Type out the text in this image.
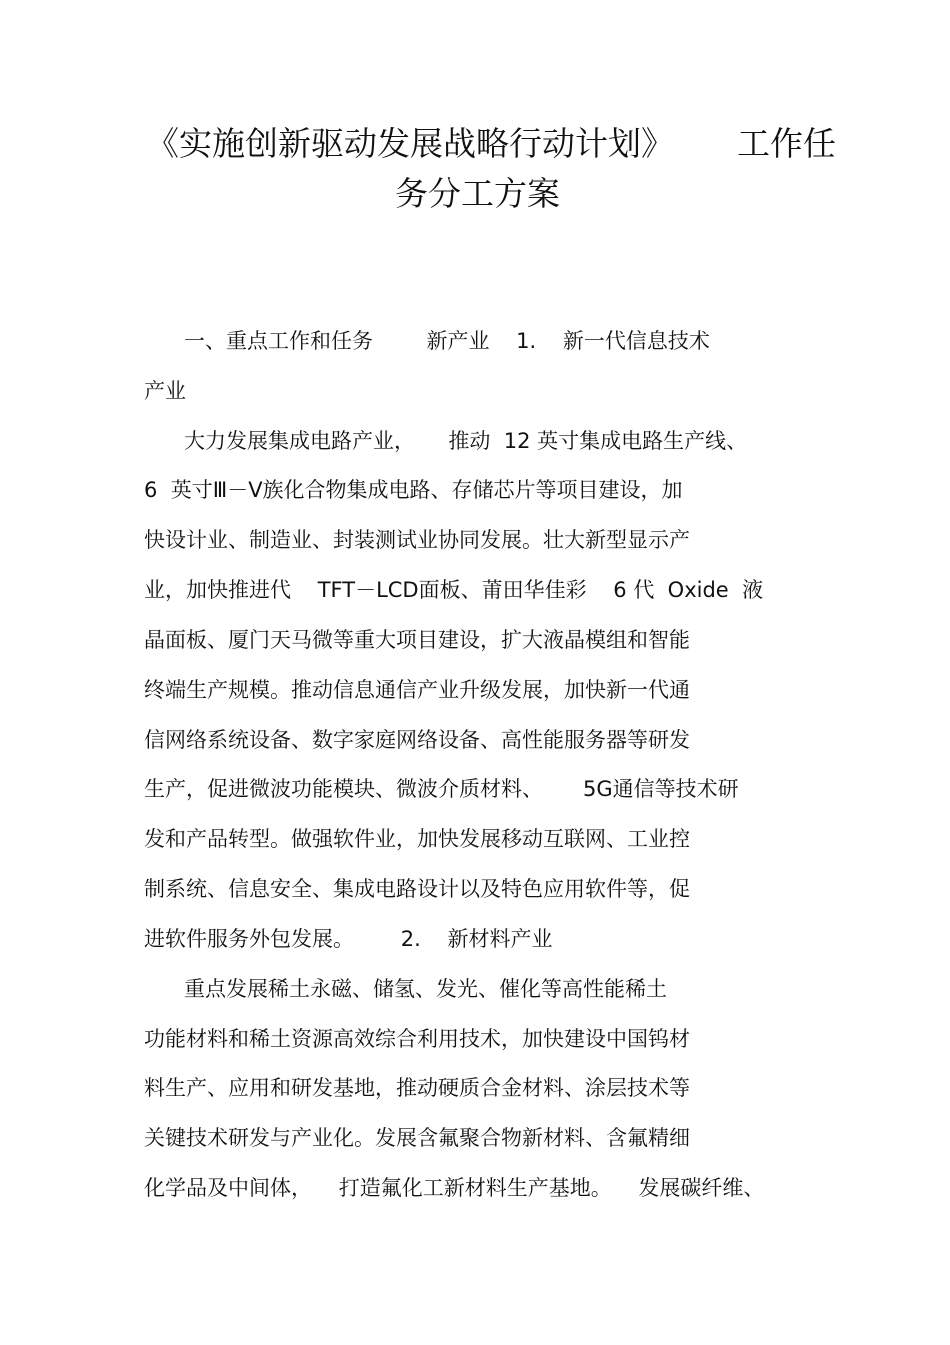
《实施创新驱动发展战略行动计划》      工作任
务分工方案
一、重点工作和任务        新产业    1.    新一代信息技术
产业
大力发展集成电路产业，     推动  12 英寸集成电路生产线、
6  英寸Ⅲ－Ⅴ族化合物集成电路、存储芯片等项目建设，加
快设计业、制造业、封装测试业协同发展。壮大新型显示产
业，加快推进代    TFT－LCD面板、莆田华佳彩    6 代  Oxide  液
晶面板、厦门天马微等重大项目建设，扩大液晶模组和智能
终端生产规模。推动信息通信产业升级发展，加快新一代通
信网络系统设备、数字家庭网络设备、高性能服务器等研发
生产，促进微波功能模块、微波介质材料、      5G通信等技术研
发和产品转型。做强软件业，加快发展移动互联网、工业控
制系统、信息安全、集成电路设计以及特色应用软件等，促
进软件服务外包发展。       2.    新材料产业
重点发展稀土永磁、储氢、发光、催化等高性能稀土
功能材料和稀土资源高效综合利用技术，加快建设中国钨材
料生产、应用和研发基地，推动硬质合金材料、涂层技术等
关键技术研发与产业化。发展含氟聚合物新材料、含氟精细
化学品及中间体，    打造氟化工新材料生产基地。    发展碳纤维、
